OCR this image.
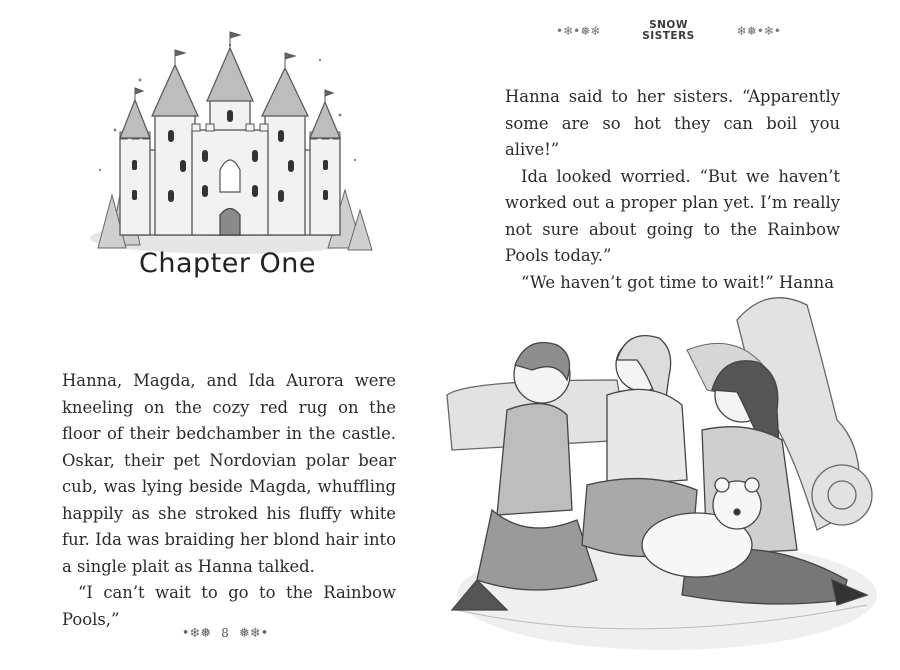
Chapter One

Hanna, Magda, and Ida Aurora were kneeling on the cozy red rug on the floor of their bedchamber in the castle. Oskar, their pet Nordovian polar bear cub, was lying beside Magda, whuffling happily as she stroked his fluffy white fur. Ida was braiding her blond hair into a single plait as Hanna talked.

“I can’t wait to go to the Rainbow Pools,”

•❄❅ 8 ❅❄•
•❄•❅❄	SNOW
SISTERS	❄❅•❄•

Hanna said to her sisters. “Apparently some are so hot they can boil you alive!”

Ida looked worried. “But we haven’t worked out a proper plan yet. I’m really not sure about going to the Rainbow Pools today.”

“We haven’t got time to wait!” Hanna
